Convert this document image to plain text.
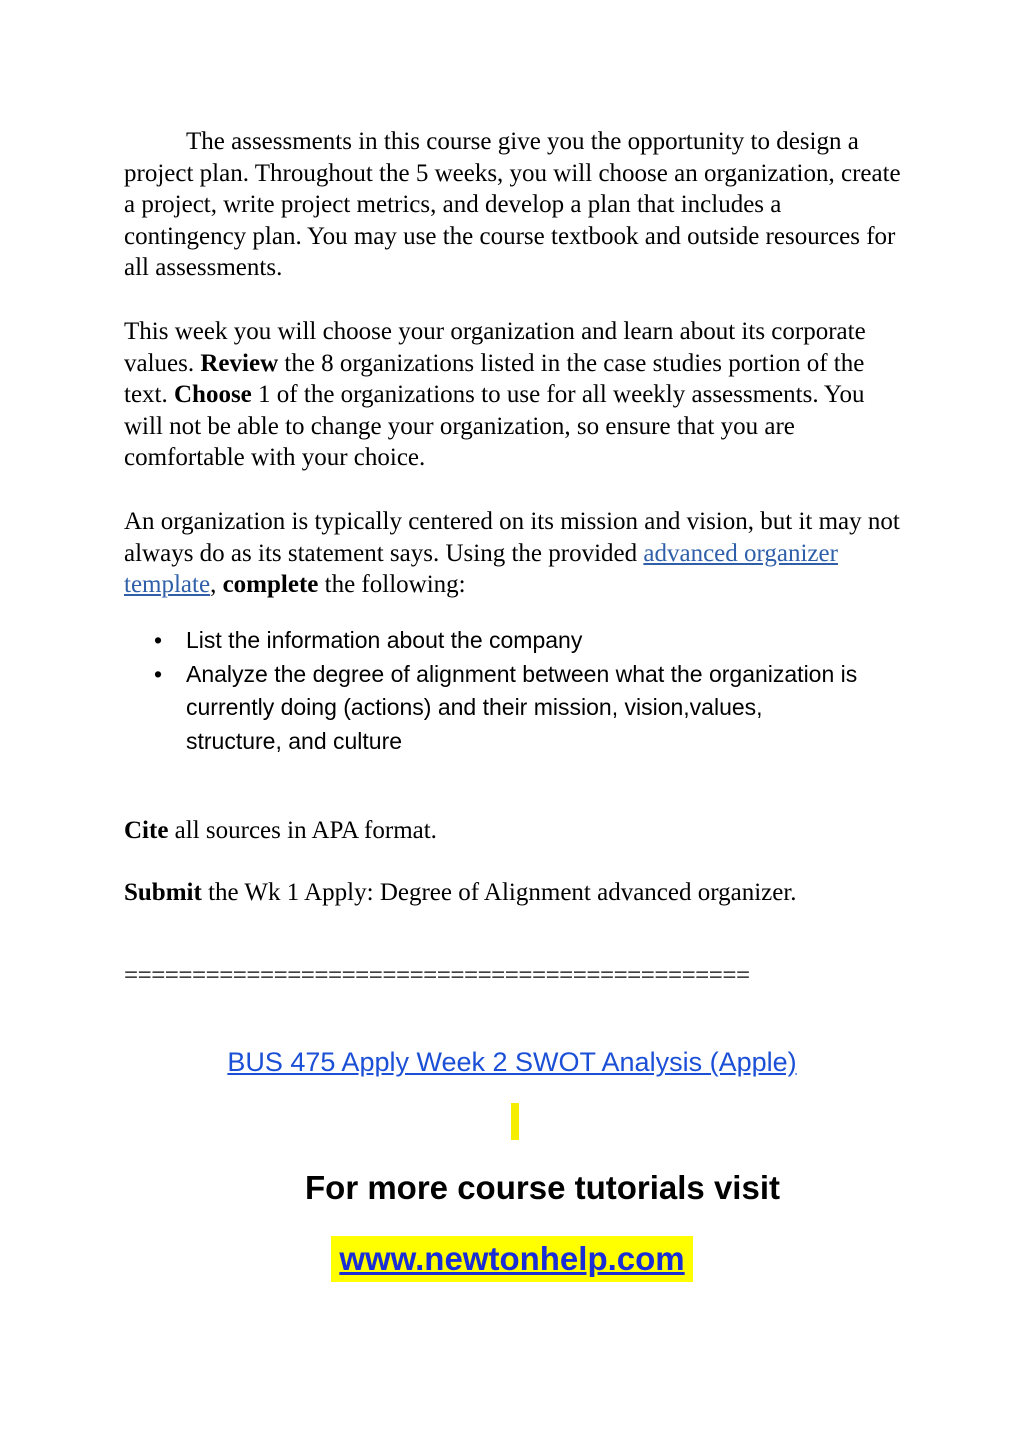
The assessments in this course give you the opportunity to design a project plan. Throughout the 5 weeks, you will choose an organization, create a project, write project metrics, and develop a plan that includes a contingency plan. You may use the course textbook and outside resources for all assessments.

This week you will choose your organization and learn about its corporate values. Review the 8 organizations listed in the case studies portion of the text. Choose 1 of the organizations to use for all weekly assessments. You will not be able to change your organization, so ensure that you are comfortable with your choice.

An organization is typically centered on its mission and vision, but it may not always do as its statement says. Using the provided advanced organizer template, complete the following:

• List the information about the company
• Analyze the degree of alignment between what the organization is currently doing (actions) and their mission, vision,values, structure, and culture

Cite all sources in APA format.

Submit the Wk 1 Apply: Degree of Alignment advanced organizer.

==============================================

BUS 475 Apply Week 2 SWOT Analysis (Apple)
For more course tutorials visit
www.newtonhelp.com
